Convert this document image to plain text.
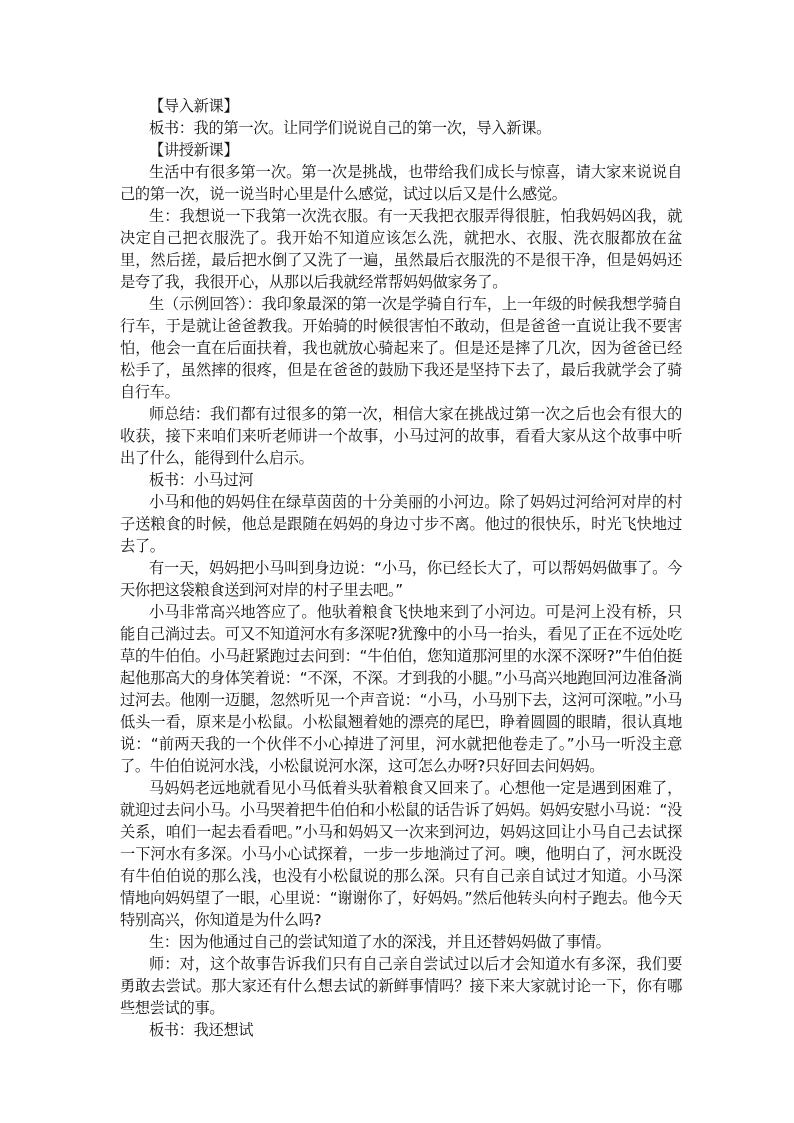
【导入新课】

板书：我的第一次。让同学们说说自己的第一次，导入新课。

【讲授新课】

生活中有很多第一次。第一次是挑战，也带给我们成长与惊喜，请大家来说说自己的第一次，说一说当时心里是什么感觉，试过以后又是什么感觉。

生：我想说一下我第一次洗衣服。有一天我把衣服弄得很脏，怕我妈妈凶我，就决定自己把衣服洗了。我开始不知道应该怎么洗，就把水、衣服、洗衣服都放在盆里，然后搓，最后把水倒了又洗了一遍，虽然最后衣服洗的不是很干净，但是妈妈还是夸了我，我很开心，从那以后我就经常帮妈妈做家务了。

生（示例回答）：我印象最深的第一次是学骑自行车，上一年级的时候我想学骑自行车，于是就让爸爸教我。开始骑的时候很害怕不敢动，但是爸爸一直说让我不要害怕，他会一直在后面扶着，我也就放心骑起来了。但是还是摔了几次，因为爸爸已经松手了，虽然摔的很疼，但是在爸爸的鼓励下我还是坚持下去了，最后我就学会了骑自行车。

师总结：我们都有过很多的第一次，相信大家在挑战过第一次之后也会有很大的收获，接下来咱们来听老师讲一个故事，小马过河的故事，看看大家从这个故事中听出了什么，能得到什么启示。

板书：小马过河

小马和他的妈妈住在绿草茵茵的十分美丽的小河边。除了妈妈过河给河对岸的村子送粮食的时候，他总是跟随在妈妈的身边寸步不离。他过的很快乐，时光飞快地过去了。

有一天，妈妈把小马叫到身边说：“小马，你已经长大了，可以帮妈妈做事了。今天你把这袋粮食送到河对岸的村子里去吧。”

小马非常高兴地答应了。他驮着粮食飞快地来到了小河边。可是河上没有桥，只能自己淌过去。可又不知道河水有多深呢?犹豫中的小马一抬头，看见了正在不远处吃草的牛伯伯。小马赶紧跑过去问到：“牛伯伯，您知道那河里的水深不深呀?”牛伯伯挺起他那高大的身体笑着说：“不深，不深。才到我的小腿。”小马高兴地跑回河边准备淌过河去。他刚一迈腿，忽然听见一个声音说：“小马，小马别下去，这河可深啦。”小马低头一看，原来是小松鼠。小松鼠翘着她的漂亮的尾巴，睁着圆圆的眼睛，很认真地说：“前两天我的一个伙伴不小心掉进了河里，河水就把他卷走了。”小马一听没主意了。牛伯伯说河水浅，小松鼠说河水深，这可怎么办呀?只好回去问妈妈。

马妈妈老远地就看见小马低着头驮着粮食又回来了。心想他一定是遇到困难了，就迎过去问小马。小马哭着把牛伯伯和小松鼠的话告诉了妈妈。妈妈安慰小马说：“没关系，咱们一起去看看吧。”小马和妈妈又一次来到河边，妈妈这回让小马自己去试探一下河水有多深。小马小心试探着，一步一步地淌过了河。噢，他明白了，河水既没有牛伯伯说的那么浅，也没有小松鼠说的那么深。只有自己亲自试过才知道。小马深情地向妈妈望了一眼，心里说：“谢谢你了，好妈妈。”然后他转头向村子跑去。他今天特别高兴，你知道是为什么吗?

生：因为他通过自己的尝试知道了水的深浅，并且还替妈妈做了事情。

师：对，这个故事告诉我们只有自己亲自尝试过以后才会知道水有多深，我们要勇敢去尝试。那大家还有什么想去试的新鲜事情吗？接下来大家就讨论一下，你有哪些想尝试的事。

板书：我还想试
